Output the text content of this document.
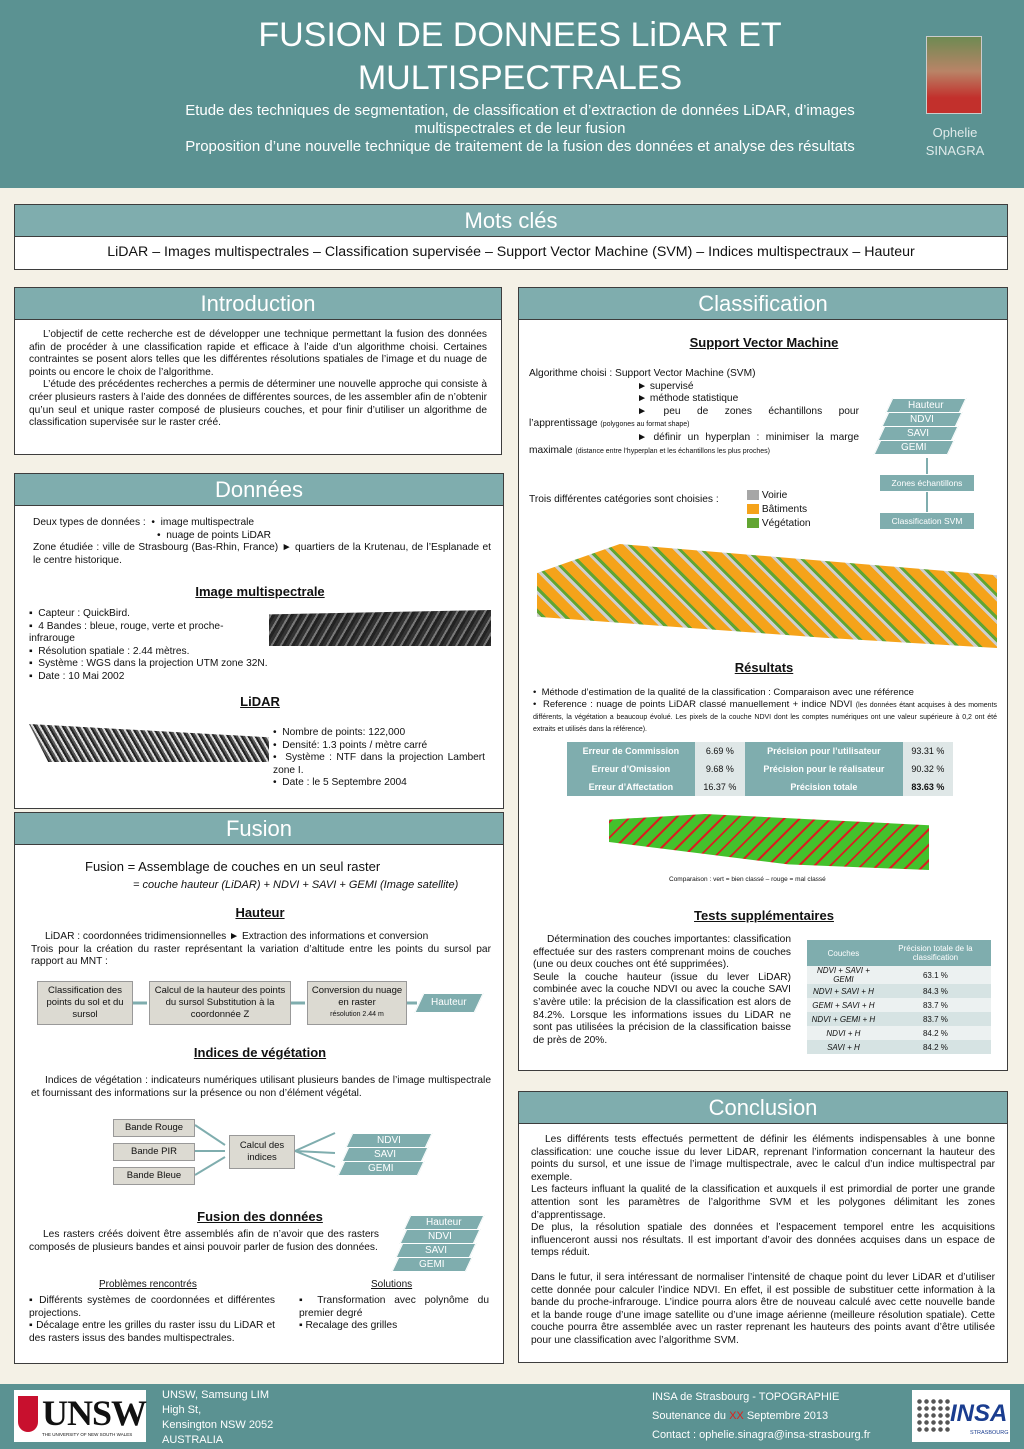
FUSION DE DONNEES LiDAR ET MULTISPECTRALES
Etude des techniques de segmentation, de classification et d’extraction de données LiDAR, d’images multispectrales et de leur fusion
Proposition d’une nouvelle technique de traitement de la fusion des données et analyse des résultats
Ophelie
SINAGRA
Mots clés
LiDAR – Images multispectrales – Classification supervisée – Support Vector Machine (SVM) – Indices multispectraux – Hauteur
Introduction
L’objectif de cette recherche est de développer une technique permettant la fusion des données afin de procéder à une classification rapide et efficace à l’aide d’un algorithme choisi. Certaines contraintes se posent alors telles que les différentes résolutions spatiales de l’image et du nuage de points ou encore le choix de l’algorithme.
L’étude des précédentes recherches a permis de déterminer une nouvelle approche qui consiste à créer plusieurs rasters à l’aide des données de différentes sources, de les assembler afin de n’obtenir qu’un seul et unique raster composé de plusieurs couches, et pour finir d’utiliser un algorithme de classification supervisée sur le raster créé.
Données
Deux types de données :  •  image multispectrale
•  nuage de points LiDAR
Zone étudiée : ville de Strasbourg (Bas-Rhin, France) ► quartiers de la Krutenau, de l’Esplanade et le centre historique.
Image multispectrale
▪  Capteur : QuickBird.
▪  4 Bandes : bleue, rouge, verte et proche-infrarouge
▪  Résolution spatiale : 2.44 mètres.
▪  Système : WGS dans la projection UTM zone 32N.
▪  Date : 10 Mai 2002
LiDAR
•  Nombre de points: 122,000
•  Densité: 1.3 points / mètre carré
•  Système : NTF dans la projection Lambert zone I.
•  Date : le 5 Septembre 2004
Fusion
Fusion = Assemblage de couches en un seul raster
= couche hauteur (LiDAR) + NDVI + SAVI + GEMI (Image satellite)
Hauteur
LiDAR : coordonnées tridimensionnelles ► Extraction des informations et conversion
Trois pour la création du raster représentant la variation d’altitude entre les points du sursol par rapport au MNT :
Classification des points du sol et du sursol
Calcul de la hauteur des points du sursol Substitution à la coordonnée Z
Conversion du nuage en raster
résolution 2.44 m
Hauteur
Indices de végétation
Indices de végétation : indicateurs numériques utilisant plusieurs bandes de l’image multispectrale et fournissant des informations sur la présence ou non d’élément végétal.
Bande Rouge
Bande PIR
Bande Bleue
Calcul des indices
NDVI
SAVI
GEMI
Fusion des données
Les rasters créés doivent être assemblés afin de n’avoir que des rasters composés de plusieurs bandes et ainsi pouvoir parler de fusion des données.
Hauteur
NDVI
SAVI
GEMI
Problèmes rencontrés	Solutions
▪ Différents systèmes de coordonnées et différentes projections.
▪ Décalage entre les grilles du raster issu du LiDAR et des rasters issus des bandes multispectrales.
▪ Transformation avec polynôme du premier degré
▪ Recalage des grilles
Classification
Support Vector Machine
Algorithme choisi : Support Vector Machine (SVM)
► supervisé
► méthode statistique
► peu de zones échantillons pour l’apprentissage (polygones au format shape)
► définir un hyperplan : minimiser la marge maximale (distance entre l’hyperplan et les échantillons les plus proches)
Hauteur
NDVI
SAVI
GEMI
Zones échantillons
Classification SVM
Trois différentes catégories sont choisies :	Voirie
Bâtiments
Végétation
Résultats
•  Méthode d’estimation de la qualité de la classification : Comparaison avec une référence
•  Reference : nuage de points LiDAR classé manuellement + indice NDVI (les données étant acquises à des moments différents, la végétation a beaucoup évolué. Les pixels de la couche NDVI dont les comptes numériques ont une valeur supérieure à 0,2 ont été extraits et utilisés dans la référence).
Erreur de Commission	6.69 %	Précision pour l’utilisateur	93.31 %
Erreur d’Omission	9.68 %	Précision pour le réalisateur	90.32 %
Erreur d’Affectation	16.37 %	Précision totale	83.63 %
Comparaison : vert = bien classé – rouge = mal classé
Tests supplémentaires
Détermination des couches importantes: classification effectuée sur des rasters comprenant moins de couches (une ou deux couches ont été supprimées).
Seule la couche hauteur (issue du lever LiDAR) combinée avec la couche NDVI ou avec la couche SAVI s’avère utile: la précision de la classification est alors de 84.2%. Lorsque les informations issues du LiDAR ne sont pas utilisées la précision de la classification baisse de près de 20%.
Couches	Précision totale de la classification
NDVI + SAVI + GEMI	63.1 %
NDVI + SAVI + H	84.3 %
GEMI + SAVI + H	83.7 %
NDVI + GEMI + H	83.7 %
NDVI + H	84.2 %
SAVI + H	84.2 %
Conclusion
Les différents tests effectués permettent de définir les éléments indispensables à une bonne classification: une couche issue du lever LiDAR, reprenant l’information concernant la hauteur des points du sursol, et une issue de l’image multispectrale, avec le calcul d’un indice multispectral par exemple.
Les facteurs influant la qualité de la classification et auxquels il est primordial de porter une grande attention sont les paramètres de l’algorithme SVM et les polygones délimitant les zones d’apprentissage.
De plus, la résolution spatiale des données et l’espacement temporel entre les acquisitions influenceront aussi nos résultats. Il est important d’avoir des données acquises dans un espace de temps réduit.
Dans le futur, il sera intéressant de normaliser l’intensité de chaque point du lever LiDAR et d’utiliser cette donnée pour calculer l’indice NDVI. En effet, il est possible de substituer cette information à la bande du proche-infrarouge. L’indice pourra alors être de nouveau calculé avec cette nouvelle bande et la bande rouge d’une image satellite ou d’une image aérienne (meilleure résolution spatiale). Cette couche pourra être assemblée avec un raster reprenant les hauteurs des points avant d’être utilisée pour une classification avec l’algorithme SVM.
UNSW
THE UNIVERSITY OF NEW SOUTH WALES
UNSW, Samsung LIM
High St,
Kensington NSW 2052
AUSTRALIA
INSA de Strasbourg - TOPOGRAPHIE
Soutenance du XX Septembre 2013
Contact : ophelie.sinagra@insa-strasbourg.fr
INSA
STRASBOURG
